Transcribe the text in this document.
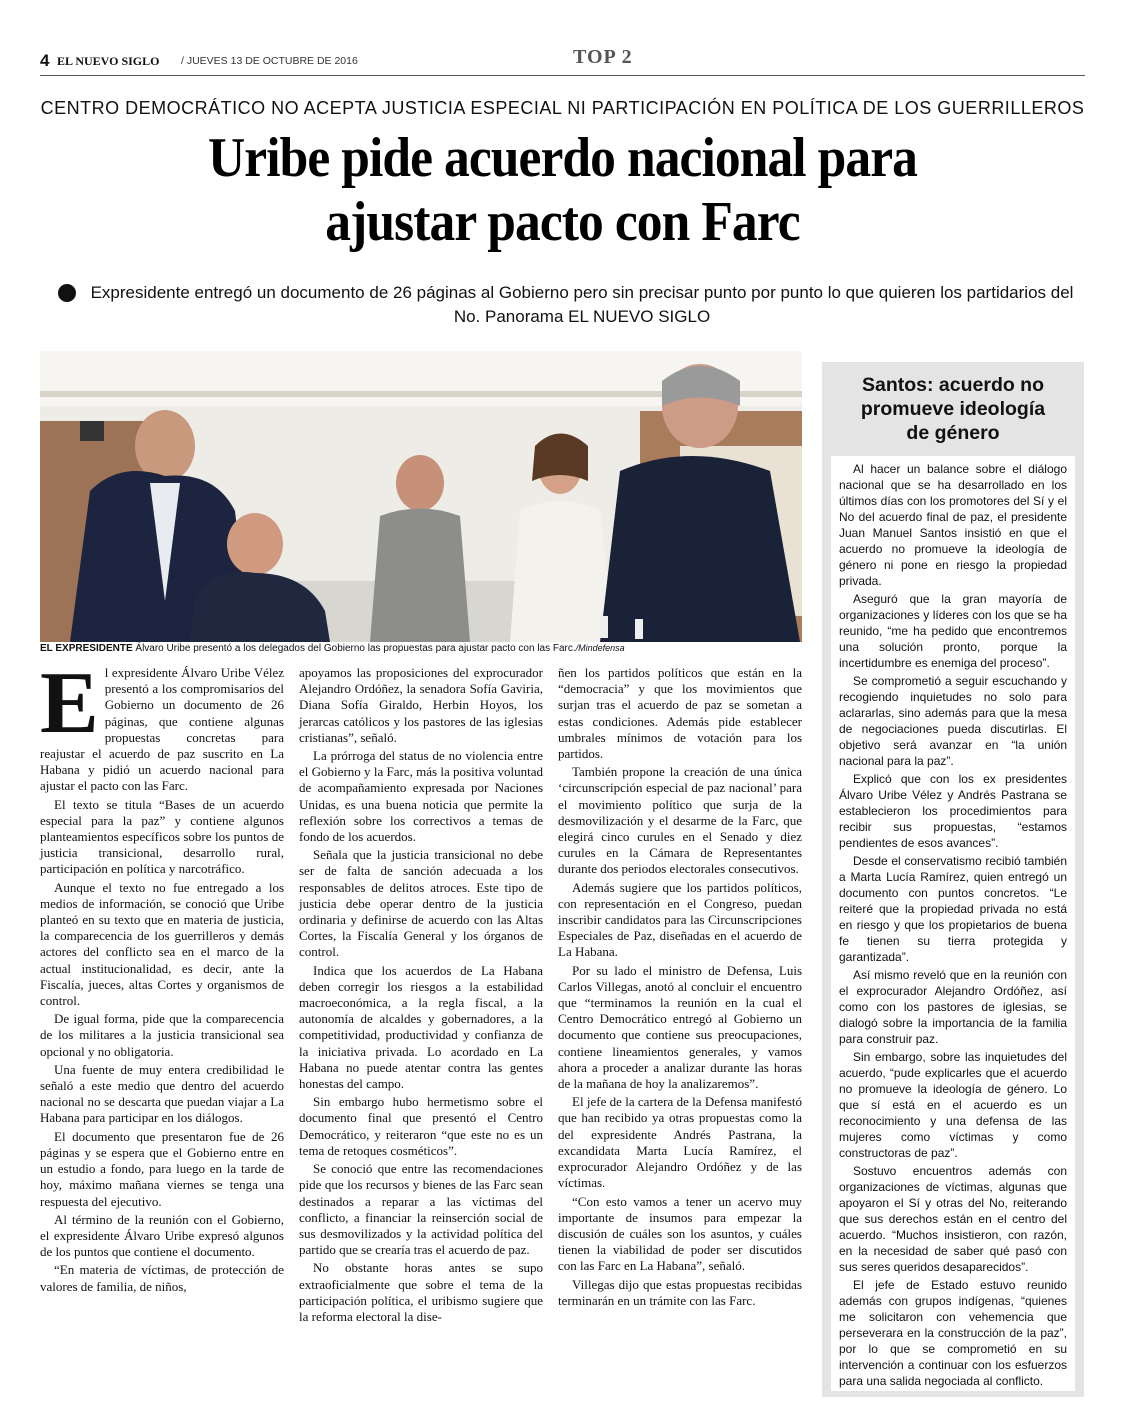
4 EL NUEVO SIGLO / JUEVES 13 DE OCTUBRE DE 2016	TOP 2
CENTRO DEMOCRÁTICO NO ACEPTA JUSTICIA ESPECIAL NI PARTICIPACIÓN EN POLÍTICA DE LOS GUERRILLEROS
Uribe pide acuerdo nacional para
ajustar pacto con Farc
Expresidente entregó un documento de 26 páginas al Gobierno pero sin precisar punto por punto lo que quieren los partidarios del No. Panorama EL NUEVO SIGLO
EL EXPRESIDENTE Álvaro Uribe presentó a los delegados del Gobierno las propuestas para ajustar pacto con las Farc./Mindefensa
E l expresidente Álvaro Uribe Vélez presentó a los compromisarios del Gobierno un documento de 26 páginas, que contiene algunas propuestas concretas para reajustar el acuerdo de paz suscrito en La Habana y pidió un acuerdo nacional para ajustar el pacto con las Farc.

El texto se titula “Bases de un acuerdo especial para la paz” y contiene algunos planteamientos específicos sobre los puntos de justicia transicional, desarrollo rural, participación en política y narcotráfico.

Aunque el texto no fue entregado a los medios de información, se conoció que Uribe planteó en su texto que en materia de justicia, la comparecencia de los guerrilleros y demás actores del conflicto sea en el marco de la actual institucionalidad, es decir, ante la Fiscalía, jueces, altas Cortes y organismos de control.

De igual forma, pide que la comparecencia de los militares a la justicia transicional sea opcional y no obligatoria.

Una fuente de muy entera credibilidad le señaló a este medio que dentro del acuerdo nacional no se descarta que puedan viajar a La Habana para participar en los diálogos.

El documento que presentaron fue de 26 páginas y se espera que el Gobierno entre en un estudio a fondo, para luego en la tarde de hoy, máximo mañana viernes se tenga una respuesta del ejecutivo.

Al término de la reunión con el Gobierno, el expresidente Álvaro Uribe expresó algunos de los puntos que contiene el documento.

“En materia de víctimas, de protección de valores de familia, de niños,

apoyamos las proposiciones del exprocurador Alejandro Ordóñez, la senadora Sofía Gaviria, Diana Sofía Giraldo, Herbin Hoyos, los jerarcas católicos y los pastores de las iglesias cristianas”, señaló.

La prórroga del status de no violencia entre el Gobierno y la Farc, más la positiva voluntad de acompañamiento expresada por Naciones Unidas, es una buena noticia que permite la reflexión sobre los correctivos a temas de fondo de los acuerdos.

Señala que la justicia transicional no debe ser de falta de sanción adecuada a los responsables de delitos atroces. Este tipo de justicia debe operar dentro de la justicia ordinaria y definirse de acuerdo con las Altas Cortes, la Fiscalía General y los órganos de control.

Indica que los acuerdos de La Habana deben corregir los riesgos a la estabilidad macroeconómica, a la regla fiscal, a la autonomía de alcaldes y gobernadores, a la competitividad, productividad y confianza de la iniciativa privada. Lo acordado en La Habana no puede atentar contra las gentes honestas del campo.

Sin embargo hubo hermetismo sobre el documento final que presentó el Centro Democrático, y reiteraron “que este no es un tema de retoques cosméticos”.

Se conoció que entre las recomendaciones pide que los recursos y bienes de las Farc sean destinados a reparar a las víctimas del conflicto, a financiar la reinserción social de sus desmovilizados y la actividad política del partido que se crearía tras el acuerdo de paz.

No obstante horas antes se supo extraoficialmente que sobre el tema de la participación política, el uribismo sugiere que la reforma electoral la dise-

ñen los partidos políticos que están en la “democracia” y que los movimientos que surjan tras el acuerdo de paz se sometan a estas condiciones. Además pide establecer umbrales mínimos de votación para los partidos.

También propone la creación de una única ‘circunscripción especial de paz nacional’ para el movimiento político que surja de la desmovilización y el desarme de la Farc, que elegirá cinco curules en el Senado y diez curules en la Cámara de Representantes durante dos periodos electorales consecutivos.

Además sugiere que los partidos políticos, con representación en el Congreso, puedan inscribir candidatos para las Circunscripciones Especiales de Paz, diseñadas en el acuerdo de La Habana.

Por su lado el ministro de Defensa, Luis Carlos Villegas, anotó al concluir el encuentro que “terminamos la reunión en la cual el Centro Democrático entregó al Gobierno un documento que contiene sus preocupaciones, contiene lineamientos generales, y vamos ahora a proceder a analizar durante las horas de la mañana de hoy la analizaremos”.

El jefe de la cartera de la Defensa manifestó que han recibido ya otras propuestas como la del expresidente Andrés Pastrana, la excandidata Marta Lucía Ramírez, el exprocurador Alejandro Ordóñez y de las víctimas.

“Con esto vamos a tener un acervo muy importante de insumos para empezar la discusión de cuáles son los asuntos, y cuáles tienen la viabilidad de poder ser discutidos con las Farc en La Habana”, señaló.

Villegas dijo que estas propuestas recibidas terminarán en un trámite con las Farc.

Santos: acuerdo no
promueve ideología
de género

Al hacer un balance sobre el diálogo nacional que se ha desarrollado en los últimos días con los promotores del Sí y el No del acuerdo final de paz, el presidente Juan Manuel Santos insistió en que el acuerdo no promueve la ideología de género ni pone en riesgo la propiedad privada.

Aseguró que la gran mayoría de organizaciones y líderes con los que se ha reunido, “me ha pedido que encontremos una solución pronto, porque la incertidumbre es enemiga del proceso”.

Se comprometió a seguir escuchando y recogiendo inquietudes no solo para aclararlas, sino además para que la mesa de negociaciones pueda discutirlas. El objetivo será avanzar en “la unión nacional para la paz”.

Explicó que con los ex presidentes Álvaro Uribe Vélez y Andrés Pastrana se establecieron los procedimientos para recibir sus propuestas, “estamos pendientes de esos avances”.

Desde el conservatismo recibió también a Marta Lucía Ramírez, quien entregó un documento con puntos concretos. “Le reiteré que la propiedad privada no está en riesgo y que los propietarios de buena fe tienen su tierra protegida y garantizada”.

Así mismo reveló que en la reunión con el exprocurador Alejandro Ordóñez, así como con los pastores de iglesias, se dialogó sobre la importancia de la familia para construir paz.

Sin embargo, sobre las inquietudes del acuerdo, “pude explicarles que el acuerdo no promueve la ideología de género. Lo que sí está en el acuerdo es un reconocimiento y una defensa de las mujeres como víctimas y como constructoras de paz”.

Sostuvo encuentros además con organizaciones de víctimas, algunas que apoyaron el Sí y otras del No, reiterando que sus derechos están en el centro del acuerdo. “Muchos insistieron, con razón, en la necesidad de saber qué pasó con sus seres queridos desaparecidos”.

El jefe de Estado estuvo reunido además con grupos indígenas, “quienes me solicitaron con vehemencia que perseverara en la construcción de la paz”, por lo que se comprometió en su intervención a continuar con los esfuerzos para una salida negociada al conflicto.
